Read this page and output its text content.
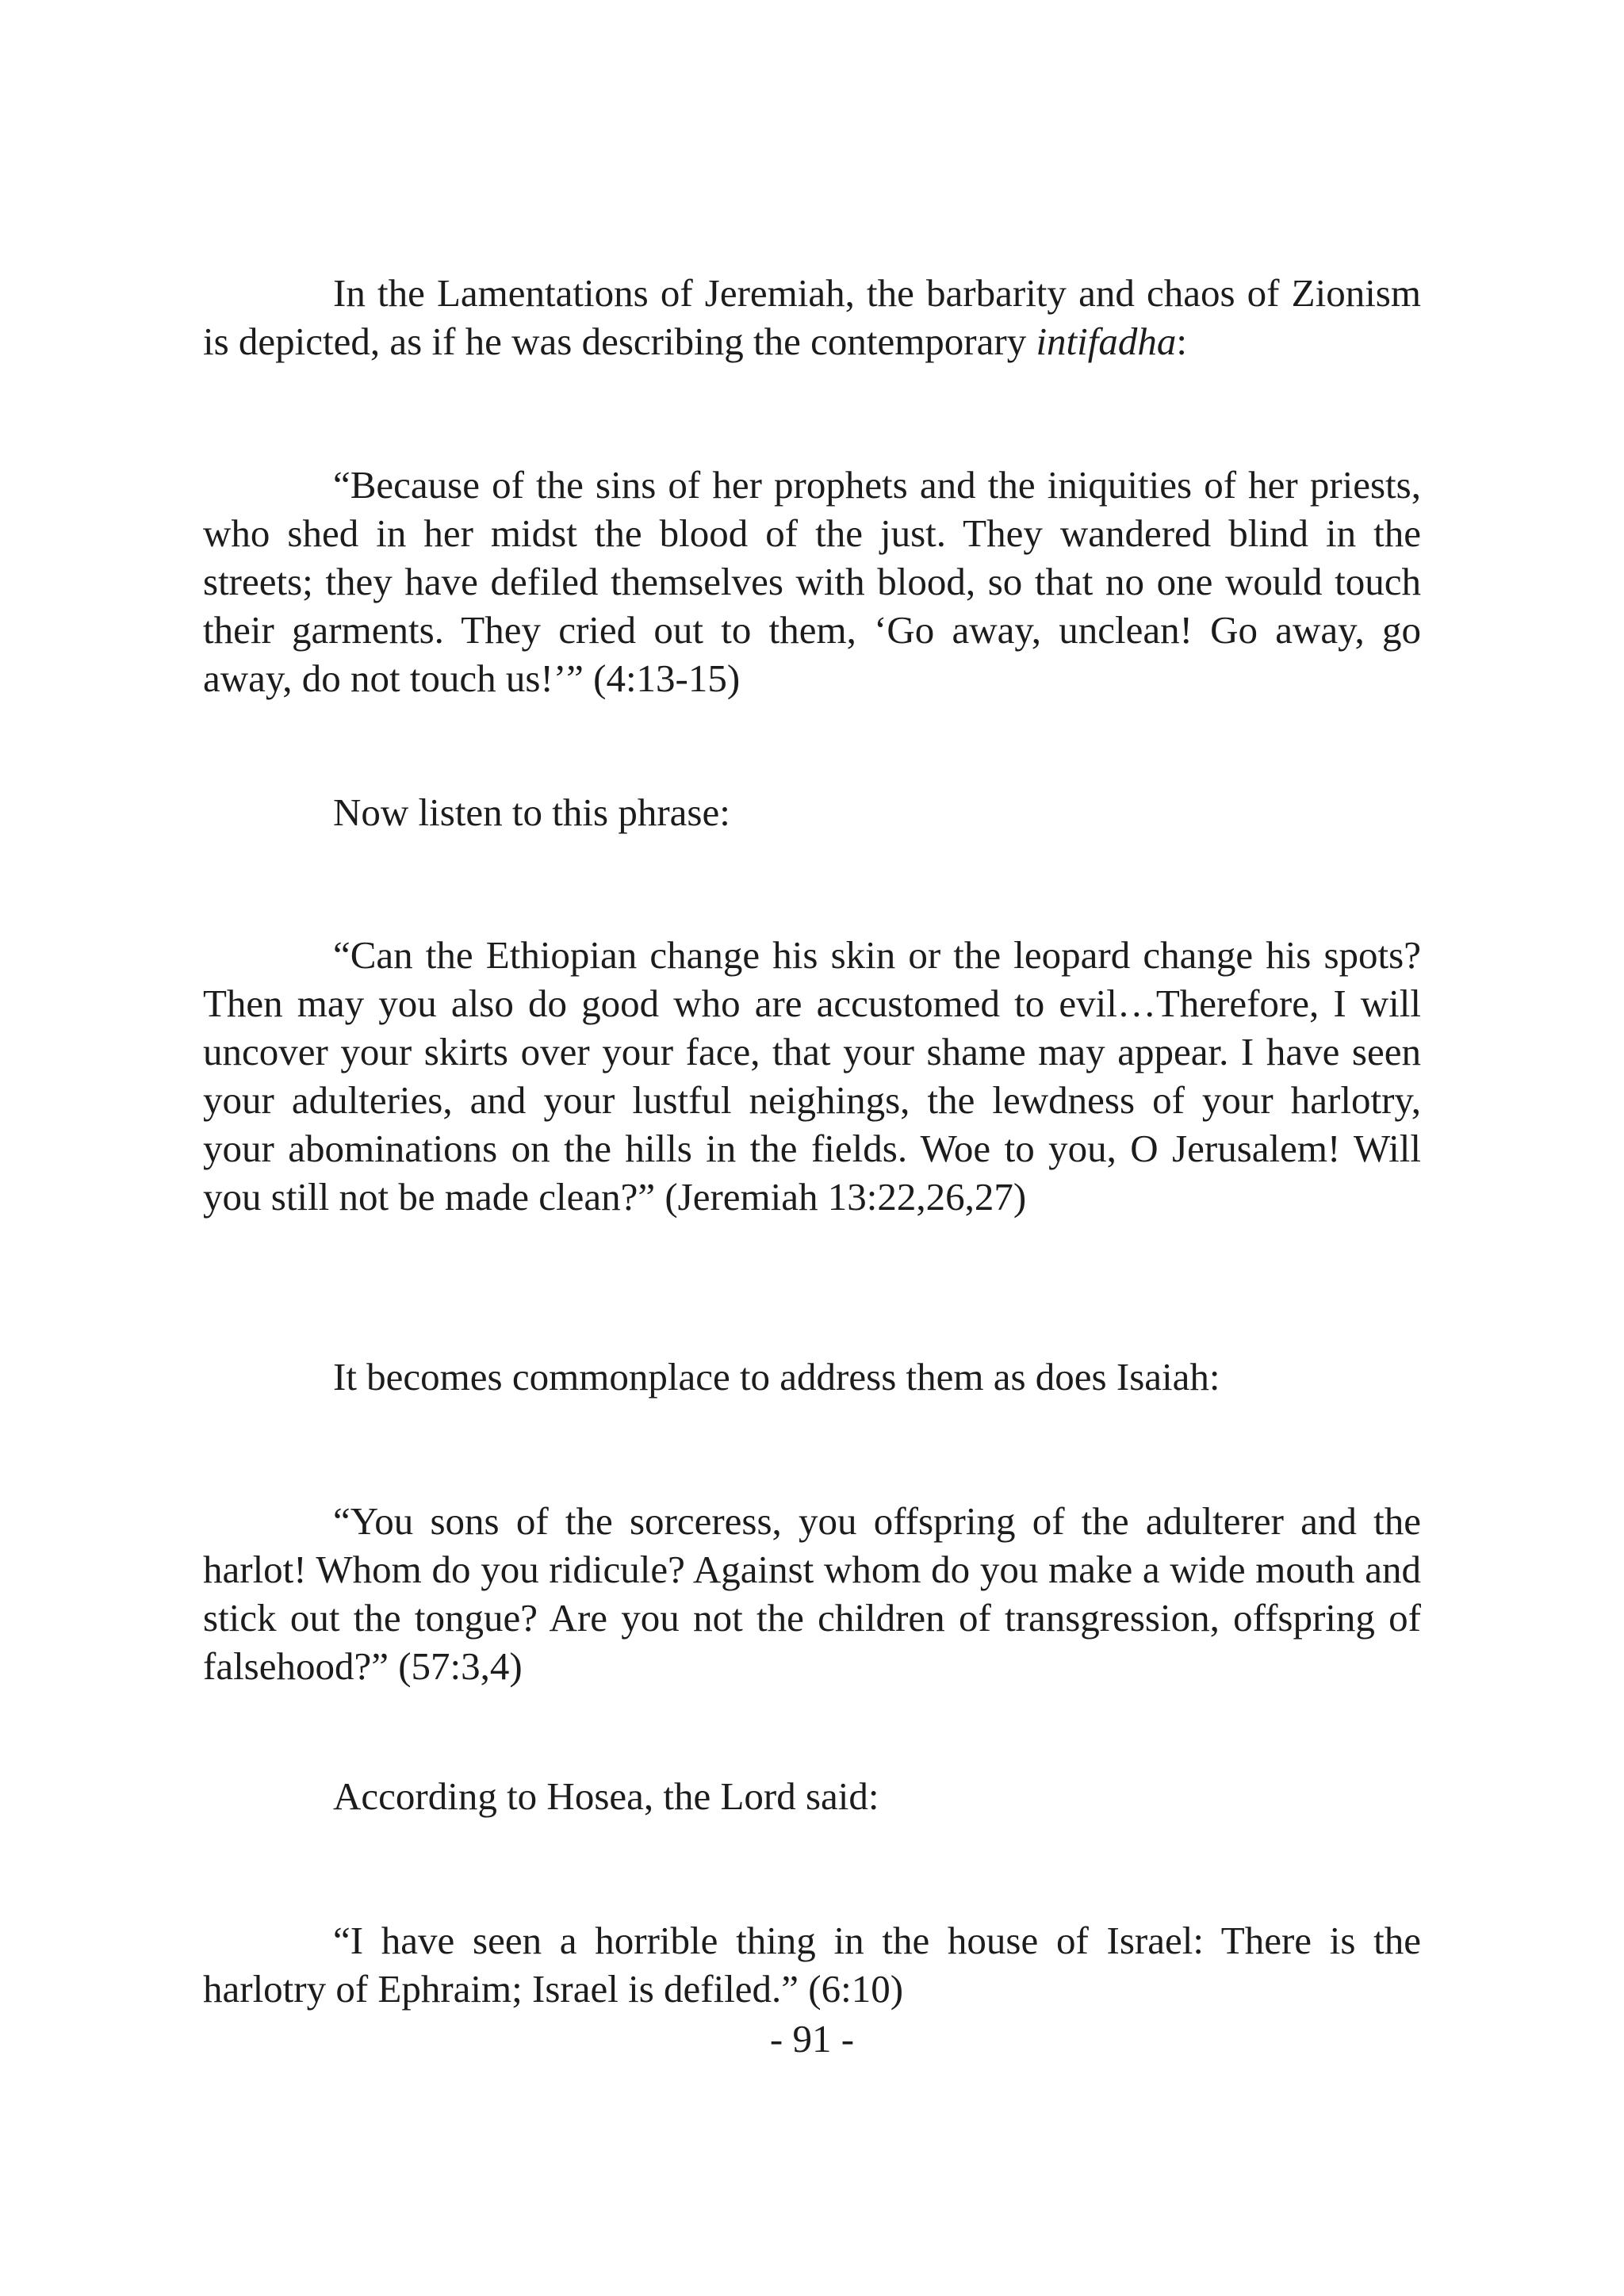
In the Lamentations of Jeremiah, the barbarity and chaos of Zionism is depicted, as if he was describing the contemporary intifadha:

“Because of the sins of her prophets and the iniquities of her priests, who shed in her midst the blood of the just. They wandered blind in the streets; they have defiled themselves with blood, so that no one would touch their garments. They cried out to them, ‘Go away, unclean! Go away, go away, do not touch us!’” (4:13-15)

Now listen to this phrase:

“Can the Ethiopian change his skin or the leopard change his spots? Then may you also do good who are accustomed to evil…Therefore, I will uncover your skirts over your face, that your shame may appear. I have seen your adulteries, and your lustful neighings, the lewdness of your harlotry, your abominations on the hills in the fields. Woe to you, O Jerusalem! Will you still not be made clean?” (Jeremiah 13:22,26,27)

It becomes commonplace to address them as does Isaiah:

“You sons of the sorceress, you offspring of the adulterer and the harlot! Whom do you ridicule? Against whom do you make a wide mouth and stick out the tongue? Are you not the children of transgression, offspring of falsehood?” (57:3,4)

According to Hosea, the Lord said:

“I have seen a horrible thing in the house of Israel: There is the harlotry of Ephraim; Israel is defiled.” (6:10)

- 91 -
